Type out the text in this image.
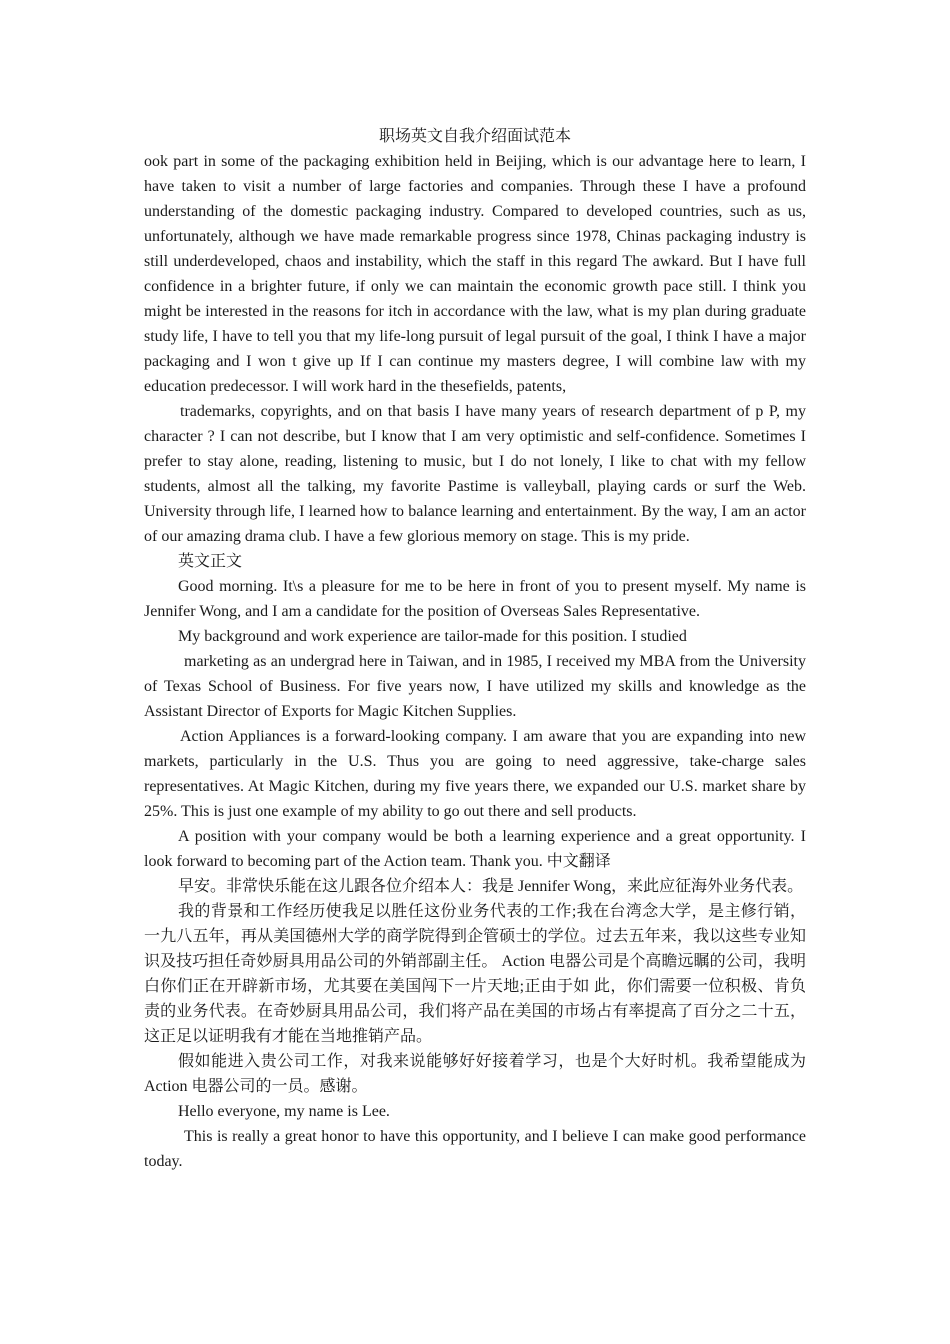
职场英文自我介绍面试范本

ook part in some of the packaging exhibition held in Beijing, which is our advantage here to learn, I have taken to visit a number of large factories and companies. Through these I have a profound understanding of the domestic packaging industry. Compared to developed countries, such as us, unfortunately, although we have made remarkable progress since 1978, Chinas packaging industry is still underdeveloped, chaos and instability, which the staff in this regard The awkard. But I have full confidence in a brighter future, if only we can maintain the economic growth pace still. I think you might be interested in the reasons for itch in accordance with the law, what is my plan during graduate study life, I have to tell you that my life-long pursuit of legal pursuit of the goal, I think I have a major packaging and I won t give up If I can continue my masters degree, I will combine law with my education predecessor. I will work hard in the thesefields, patents,

trademarks, copyrights, and on that basis I have many years of research department of p P, my character ? I can not describe, but I know that I am very optimistic and self-confidence. Sometimes I prefer to stay alone, reading, listening to music, but I do not lonely, I like to chat with my fellow students, almost all the talking, my favorite Pastime is valleyball, playing cards or surf the Web. University through life, I learned how to balance learning and entertainment. By the way, I am an actor of our amazing drama club. I have a few glorious memory on stage. This is my pride.

英文正文

Good morning. It\s a pleasure for me to be here in front of you to present myself. My name is Jennifer Wong, and I am a candidate for the position of Overseas Sales Representative.

My background and work experience are tailor-made for this position. I studied

marketing as an undergrad here in Taiwan, and in 1985, I received my MBA from the University of Texas School of Business. For five years now, I have utilized my skills and knowledge as the Assistant Director of Exports for Magic Kitchen Supplies.

Action Appliances is a forward-looking company. I am aware that you are expanding into new markets, particularly in the U.S. Thus you are going to need aggressive, take-charge sales representatives. At Magic Kitchen, during my five years there, we expanded our U.S. market share by 25%. This is just one example of my ability to go out there and sell products.

A position with your company would be both a learning experience and a great opportunity. I look forward to becoming part of the Action team. Thank you. 中文翻译

早安。非常快乐能在这儿跟各位介绍本人：我是 Jennifer Wong，来此应征海外业务代表。

我的背景和工作经历使我足以胜任这份业务代表的工作;我在台湾念大学，是主修行销，一九八五年，再从美国德州大学的商学院得到企管硕士的学位。过去五年来，我以这些专业知识及技巧担任奇妙厨具用品公司的外销部副主任。 Action 电器公司是个高瞻远瞩的公司，我明白你们正在开辟新市场，尤其要在美国闯下一片天地;正由于如 此，你们需要一位积极、肯负责的业务代表。在奇妙厨具用品公司，我们将产品在美国的市场占有率提高了百分之二十五，这正足以证明我有才能在当地推销产品。

假如能进入贵公司工作，对我来说能够好好接着学习，也是个大好时机。我希望能成为 Action 电器公司的一员。感谢。

Hello everyone, my name is Lee.

This is really a great honor to have this opportunity, and I believe I can make good performance today.
